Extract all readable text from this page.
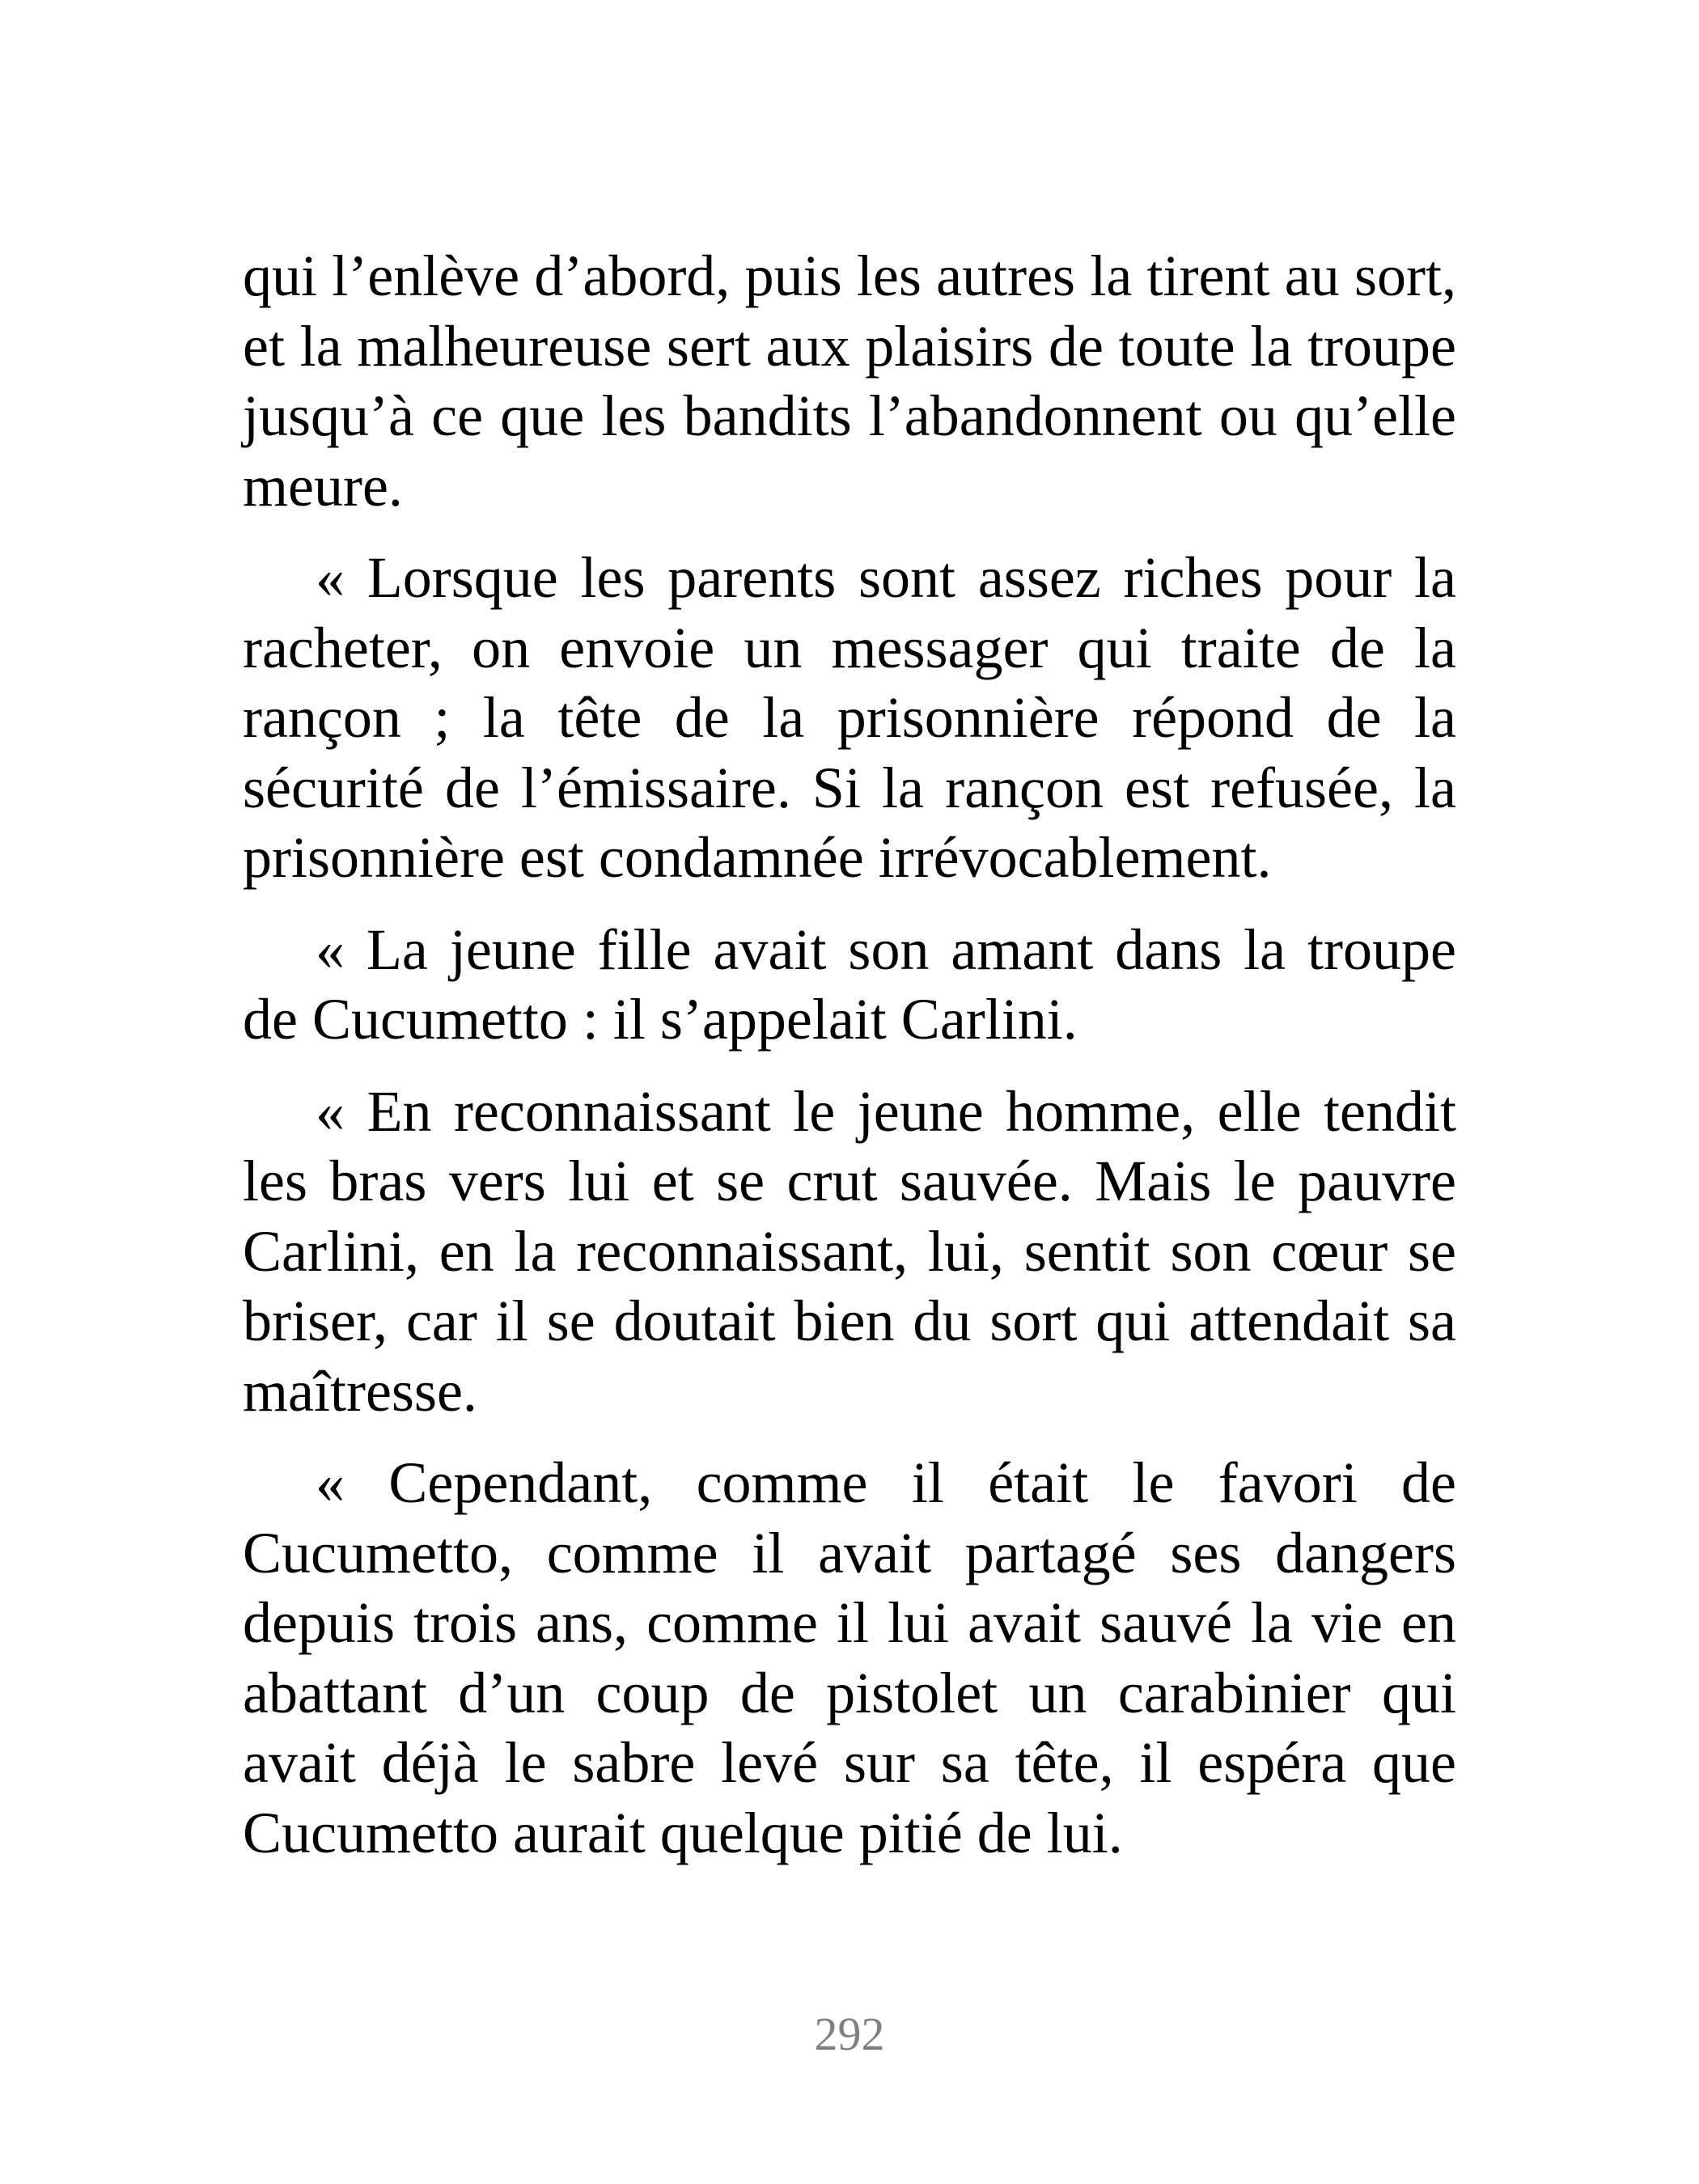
qui l’enlève d’abord, puis les autres la tirent au sort, et la malheureuse sert aux plaisirs de toute la troupe jusqu’à ce que les bandits l’abandonnent ou qu’elle meure.

« Lorsque les parents sont assez riches pour la racheter, on envoie un messager qui traite de la rançon ; la tête de la prisonnière répond de la sécurité de l’émissaire. Si la rançon est refusée, la prisonnière est condamnée irrévocablement.

« La jeune fille avait son amant dans la troupe de Cucumetto : il s’appelait Carlini.

« En reconnaissant le jeune homme, elle tendit les bras vers lui et se crut sauvée. Mais le pauvre Carlini, en la reconnaissant, lui, sentit son cœur se briser, car il se doutait bien du sort qui attendait sa maîtresse.

« Cependant, comme il était le favori de Cucumetto, comme il avait partagé ses dangers depuis trois ans, comme il lui avait sauvé la vie en abattant d’un coup de pistolet un carabinier qui avait déjà le sabre levé sur sa tête, il espéra que Cucumetto aurait quelque pitié de lui.

292
